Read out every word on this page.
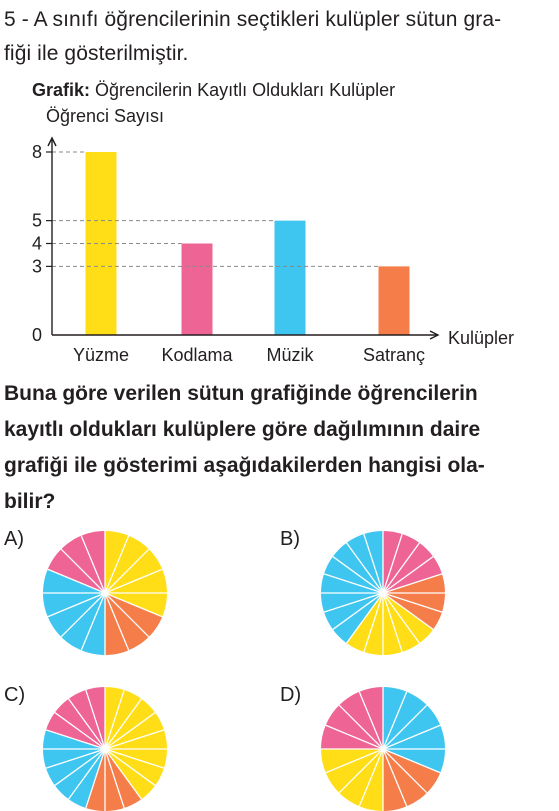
5 - A sınıfı öğrencilerinin seçtikleri kulüpler sütun gra-
fiği ile gösterilmiştir.
Grafik: Öğrencilerin Kayıtlı Oldukları Kulüpler
Öğrenci Sayısı
Kulüpler
0
3
4
5
8
Yüzme Kodlama Müzik	Satranç
Buna göre verilen sütun grafiğinde öğrencilerin
kayıtlı oldukları kulüplere göre dağılımının daire
grafiği ile gösterimi aşağıdakilerden hangisi ola-
bilir?
A)	B)
C)	D)
